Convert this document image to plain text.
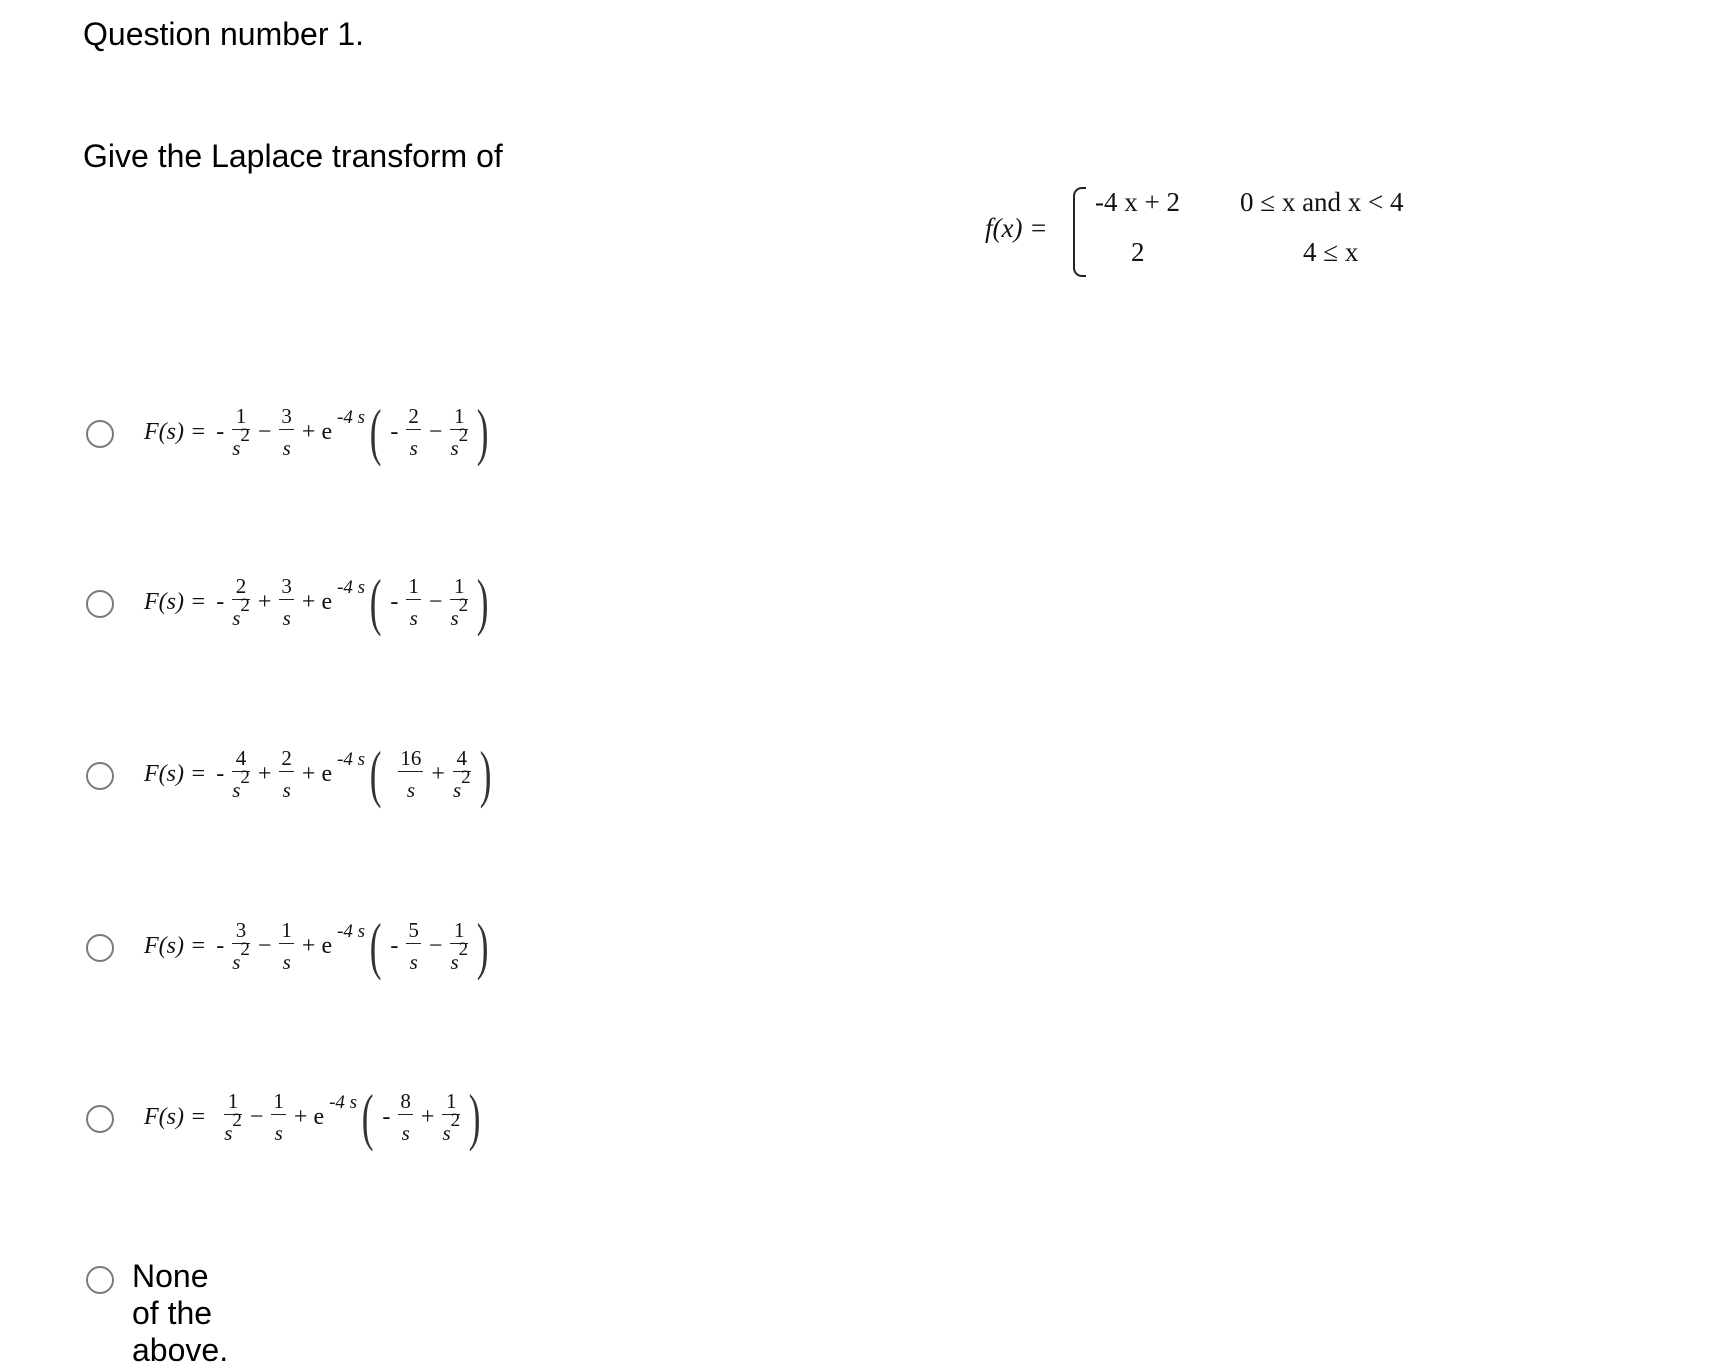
Question number 1.
Give the Laplace transform of
f(x) =
-4 x + 2 0 ≤ x and x < 4
2	4 ≤ x
F(s) = - $\frac{1}{s^2} - \frac{3}{s} + e$
-4 s ( - $\frac{2}{s} - \frac{1}{s^2}$ )
F(s) = - $\frac{2}{s^2} + \frac{3}{s} + e$
-4 s ( - $\frac{1}{s} - \frac{1}{s^2}$ )
F(s) = - $\frac{4}{s^2} + \frac{2}{s} + e$
-4 s ( $\frac{16}{s} + \frac{4}{s^2}$ )
F(s) = - $\frac{3}{s^2} - \frac{1}{s} + e$
-4 s ( - $\frac{5}{s} - \frac{1}{s^2}$ )
$F(s) = \frac{1}{s^2} - \frac{1}{s} + e$
-4 s ( - $\frac{8}{s} + \frac{1}{s^2}$ )
None of the above.
